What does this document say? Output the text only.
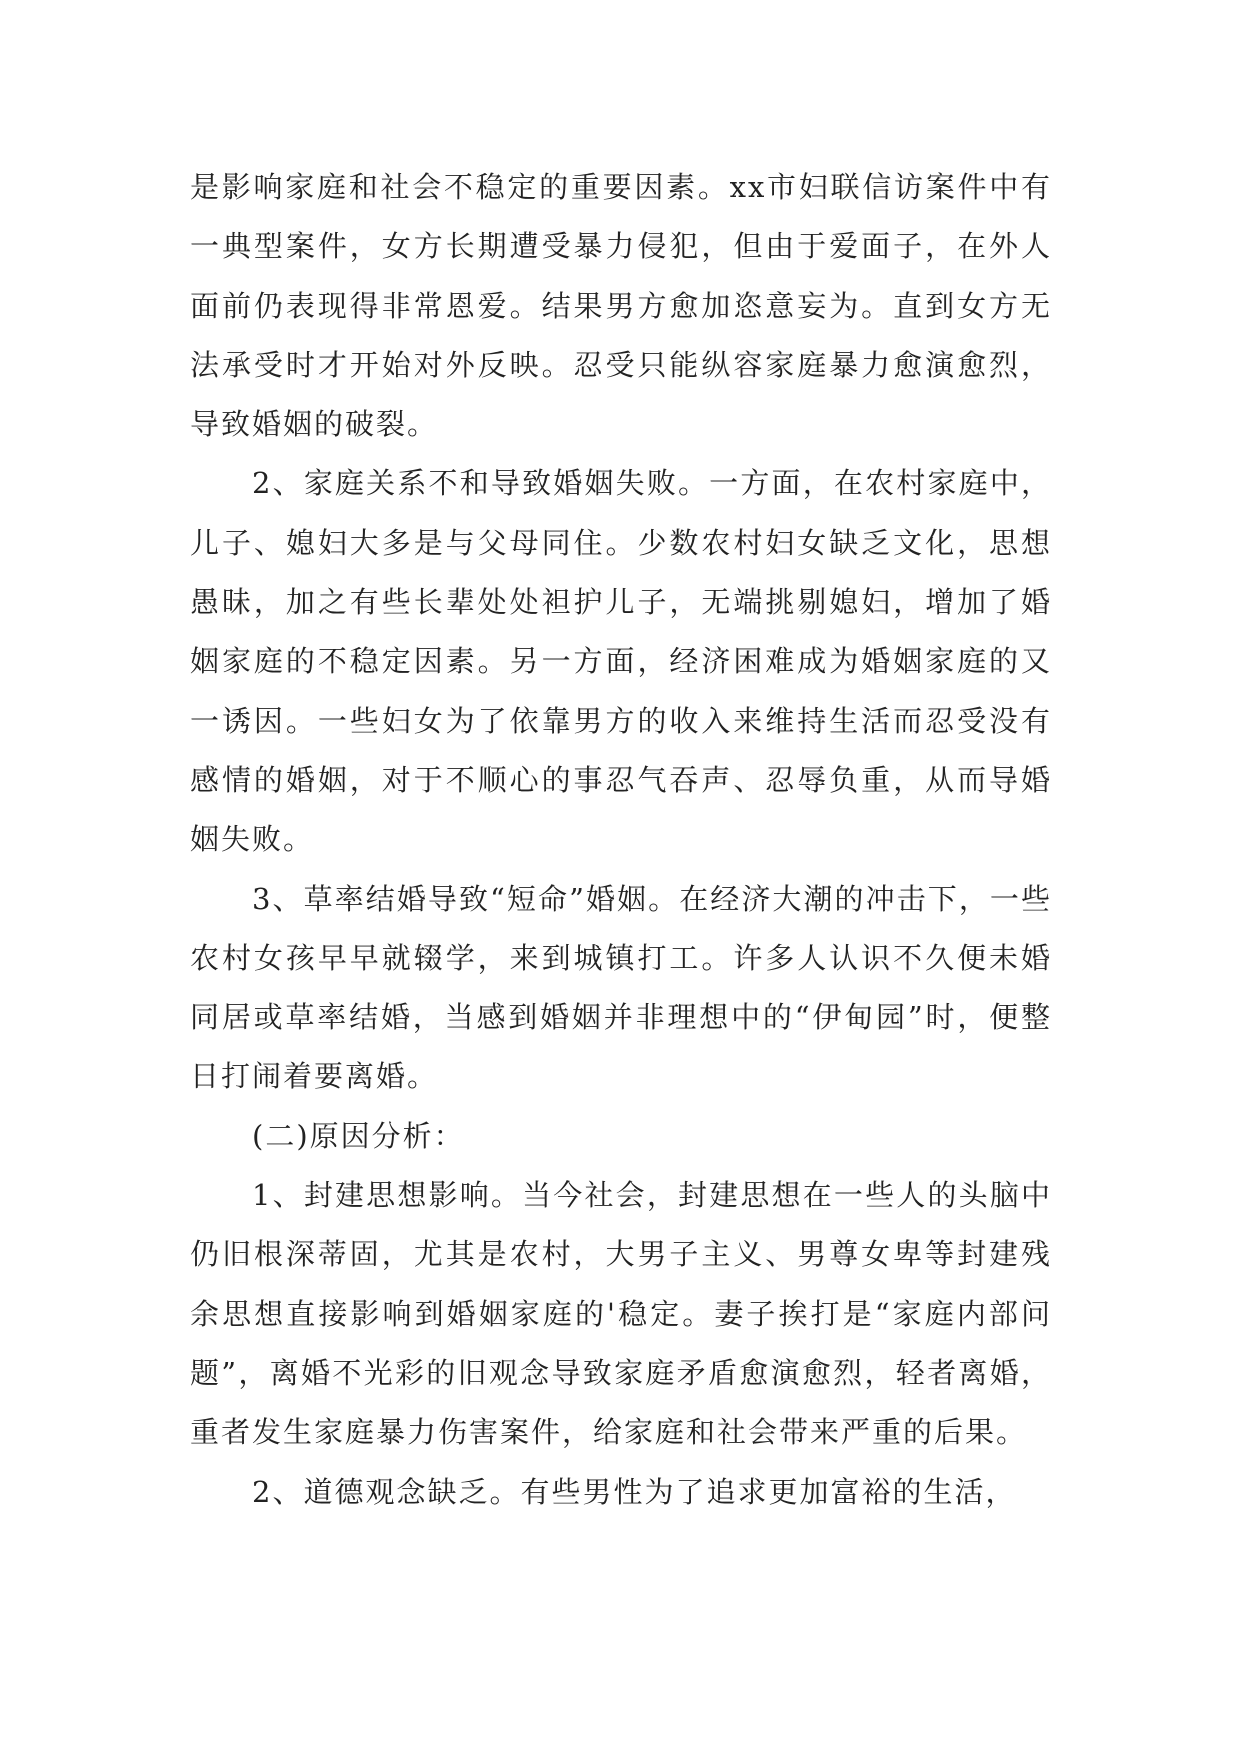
是影响家庭和社会不稳定的重要因素。xx市妇联信访案件中有一典型案件，女方长期遭受暴力侵犯，但由于爱面子，在外人面前仍表现得非常恩爱。结果男方愈加恣意妄为。直到女方无法承受时才开始对外反映。忍受只能纵容家庭暴力愈演愈烈，导致婚姻的破裂。

2、家庭关系不和导致婚姻失败。一方面，在农村家庭中，儿子、媳妇大多是与父母同住。少数农村妇女缺乏文化，思想愚昧，加之有些长辈处处袒护儿子，无端挑剔媳妇，增加了婚姻家庭的不稳定因素。另一方面，经济困难成为婚姻家庭的又一诱因。一些妇女为了依靠男方的收入来维持生活而忍受没有感情的婚姻，对于不顺心的事忍气吞声、忍辱负重，从而导婚姻失败。

3、草率结婚导致“短命”婚姻。在经济大潮的冲击下，一些农村女孩早早就辍学，来到城镇打工。许多人认识不久便未婚同居或草率结婚，当感到婚姻并非理想中的“伊甸园”时，便整日打闹着要离婚。

(二)原因分析：

1、封建思想影响。当今社会，封建思想在一些人的头脑中仍旧根深蒂固，尤其是农村，大男子主义、男尊女卑等封建残余思想直接影响到婚姻家庭的'稳定。妻子挨打是“家庭内部问题”，离婚不光彩的旧观念导致家庭矛盾愈演愈烈，轻者离婚，重者发生家庭暴力伤害案件，给家庭和社会带来严重的后果。

2、道德观念缺乏。有些男性为了追求更加富裕的生活，
